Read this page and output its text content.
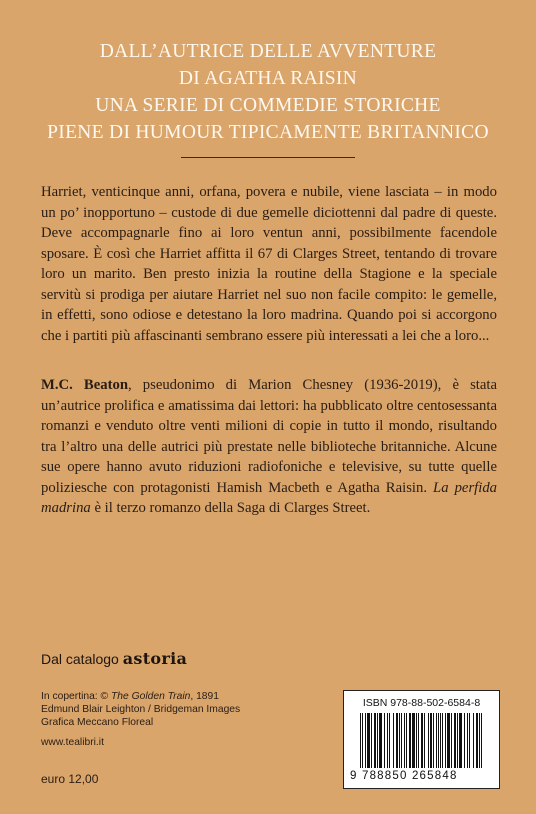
DALL’AUTRICE DELLE AVVENTURE
DI AGATHA RAISIN
UNA SERIE DI COMMEDIE STORICHE
PIENE DI HUMOUR TIPICAMENTE BRITANNICO
Harriet, venticinque anni, orfana, povera e nubile, viene lasciata – in modo un po’ inopportuno – custode di due gemelle diciottenni dal padre di queste. Deve accompagnarle fino ai loro ventun anni, possibilmente facendole sposare. È così che Harriet affitta il 67 di Clarges Street, tentando di trovare loro un marito. Ben presto inizia la routine della Stagione e la speciale servitù si prodiga per aiutare Harriet nel suo non facile compito: le gemelle, in effetti, sono odiose e detestano la loro madrina. Quando poi si accorgono che i partiti più affascinanti sembrano essere più interessati a lei che a loro...
M.C. Beaton, pseudonimo di Marion Chesney (1936-2019), è stata un’autrice prolifica e amatissima dai lettori: ha pubblicato oltre centosessanta romanzi e venduto oltre venti milioni di copie in tutto il mondo, risultando tra l’altro una delle autrici più prestate nelle biblioteche britanniche. Alcune sue opere hanno avuto riduzioni radiofoniche e televisive, su tutte quelle poliziesche con protagonisti Hamish Macbeth e Agatha Raisin. La perfida madrina è il terzo romanzo della Saga di Clarges Street.
Dal catalogo astoria
In copertina: © The Golden Train, 1891
Edmund Blair Leighton / Bridgeman Images
Grafica Meccano Floreal
www.tealibri.it
euro 12,00
ISBN 978-88-502-6584-8
9 788850 265848
